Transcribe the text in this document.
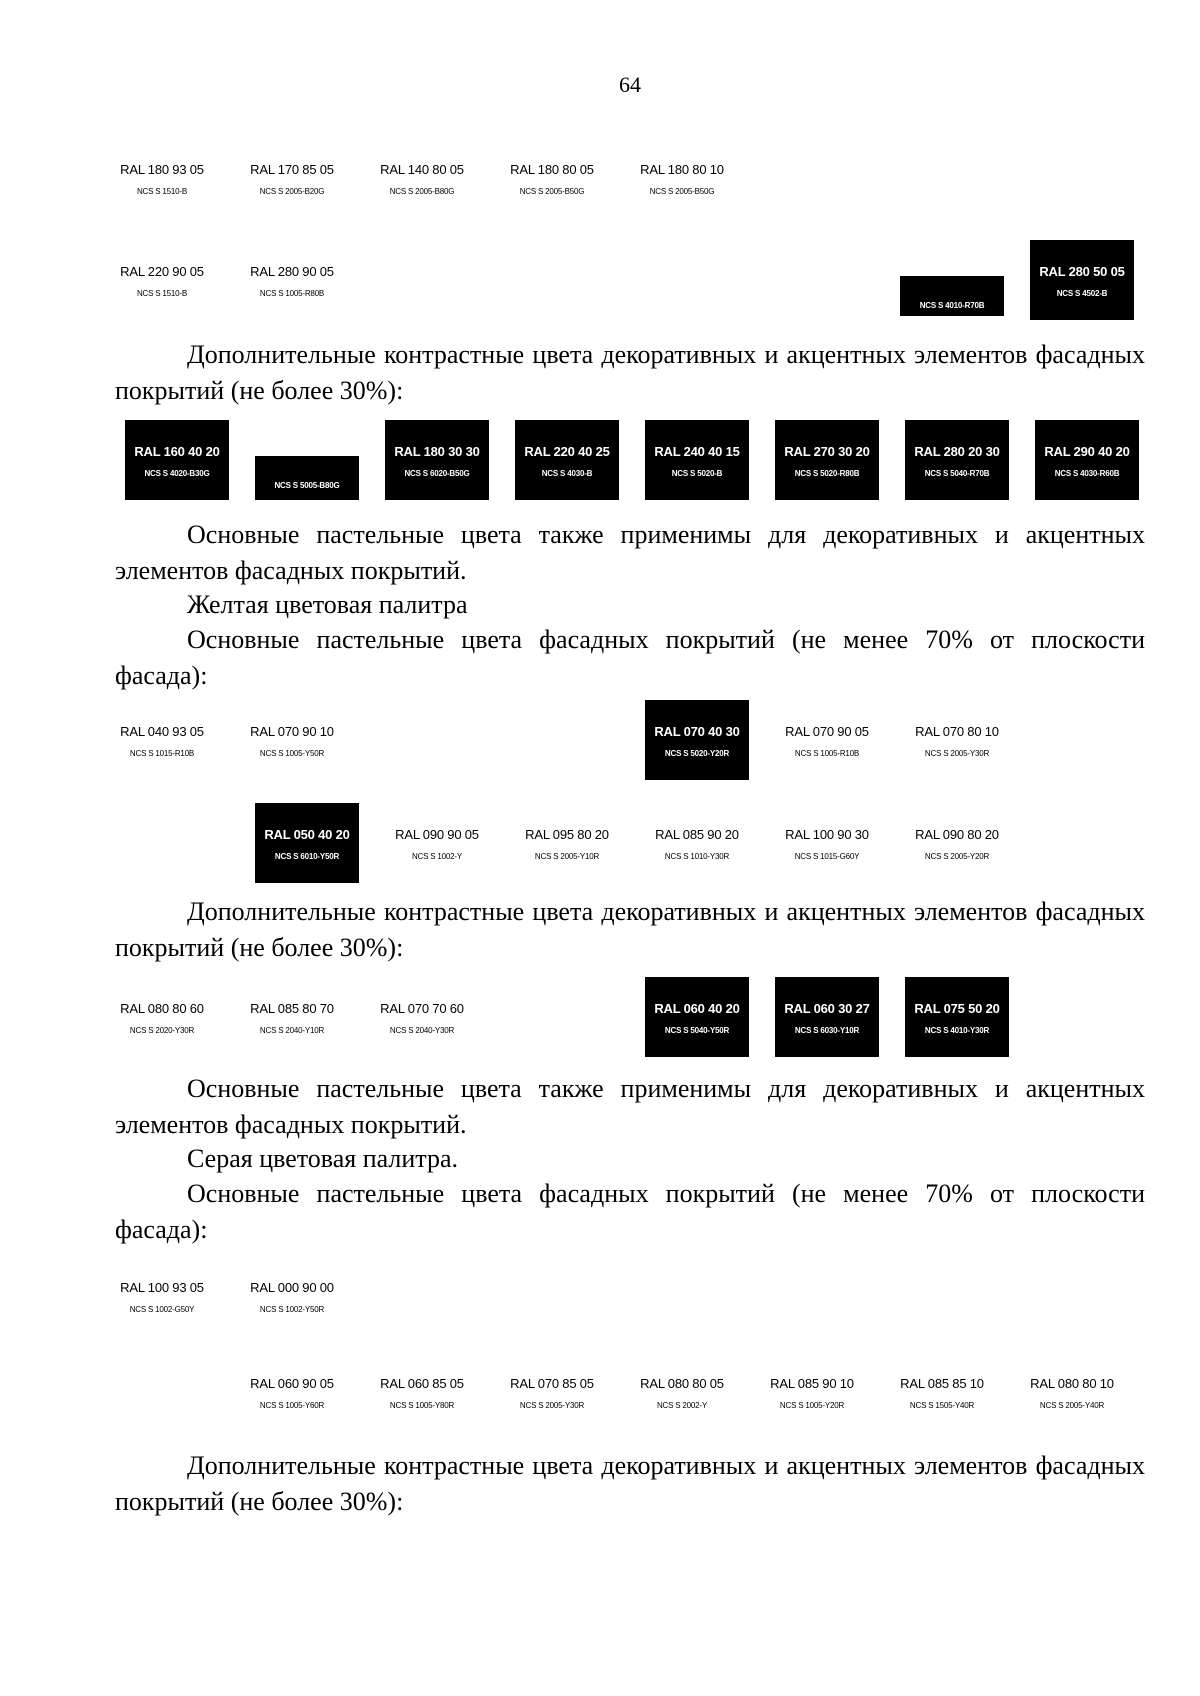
64
RAL 180 93 05
NCS S 1510-B
RAL 170 85 05
NCS S 2005-B20G
RAL 140 80 05
NCS S 2005-B80G
RAL 180 80 05
NCS S 2005-B50G
RAL 180 80 10
NCS S 2005-B50G
RAL 220 90 05
NCS S 1510-B
RAL 280 90 05
NCS S 1005-R80B
NCS S 4010-R70B
RAL 280 50 05
NCS S 4502-B

Дополнительные контрастные цвета декоративных и акцентных элементов фасадных покрытий (не более 30%):

RAL 160 40 20
NCS S 4020-B30G
NCS S 5005-B80G
RAL 180 30 30
NCS S 6020-B50G
RAL 220 40 25
NCS S 4030-B
RAL 240 40 15
NCS S 5020-B
RAL 270 30 20
NCS S 5020-R80B
RAL 280 20 30
NCS S 5040-R70B
RAL 290 40 20
NCS S 4030-R60B

Основные пастельные цвета также применимы для декоративных и акцентных элементов фасадных покрытий.

Желтая цветовая палитра

Основные пастельные цвета фасадных покрытий (не менее 70% от плоскости фасада):

RAL 040 93 05
NCS S 1015-R10B
RAL 070 90 10
NCS S 1005-Y50R
RAL 070 40 30
NCS S 5020-Y20R
RAL 070 90 05
NCS S 1005-R10B
RAL 070 80 10
NCS S 2005-Y30R
RAL 050 40 20
NCS S 6010-Y50R
RAL 090 90 05
NCS S 1002-Y
RAL 095 80 20
NCS S 2005-Y10R
RAL 085 90 20
NCS S 1010-Y30R
RAL 100 90 30
NCS S 1015-G60Y
RAL 090 80 20
NCS S 2005-Y20R

Дополнительные контрастные цвета декоративных и акцентных элементов фасадных покрытий (не более 30%):

RAL 080 80 60
NCS S 2020-Y30R
RAL 085 80 70
NCS S 2040-Y10R
RAL 070 70 60
NCS S 2040-Y30R
RAL 060 40 20
NCS S 5040-Y50R
RAL 060 30 27
NCS S 6030-Y10R
RAL 075 50 20
NCS S 4010-Y30R

Основные пастельные цвета также применимы для декоративных и акцентных элементов фасадных покрытий.

Серая цветовая палитра.

Основные пастельные цвета фасадных покрытий (не менее 70% от плоскости фасада):

RAL 100 93 05
NCS S 1002-G50Y
RAL 000 90 00
NCS S 1002-Y50R
RAL 060 90 05
NCS S 1005-Y60R
RAL 060 85 05
NCS S 1005-Y80R
RAL 070 85 05
NCS S 2005-Y30R
RAL 080 80 05
NCS S 2002-Y
RAL 085 90 10
NCS S 1005-Y20R
RAL 085 85 10
NCS S 1505-Y40R
RAL 080 80 10
NCS S 2005-Y40R

Дополнительные контрастные цвета декоративных и акцентных элементов фасадных покрытий (не более 30%):
